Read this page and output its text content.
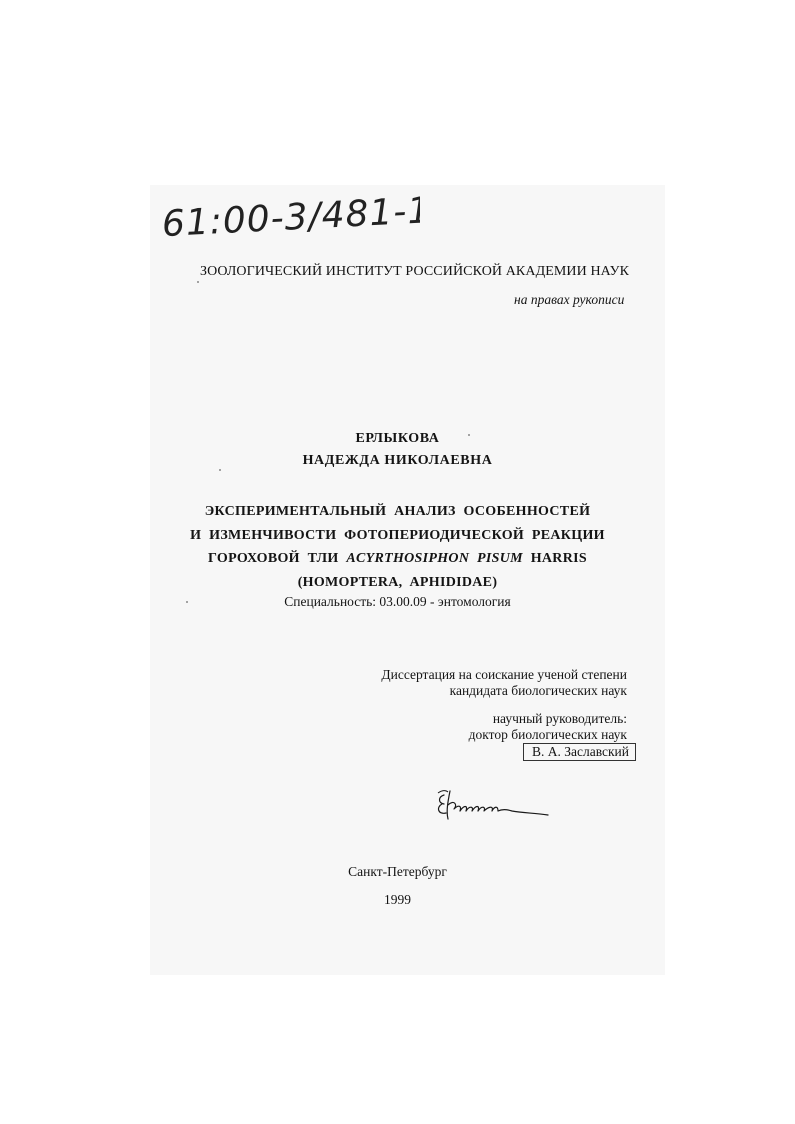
61:00-3/481-1
ЗООЛОГИЧЕСКИЙ ИНСТИТУТ РОССИЙСКОЙ АКАДЕМИИ НАУК
на правах рукописи
ЕРЛЫКОВА
НАДЕЖДА НИКОЛАЕВНА
ЭКСПЕРИМЕНТАЛЬНЫЙ АНАЛИЗ ОСОБЕННОСТЕЙ
И ИЗМЕНЧИВОСТИ ФОТОПЕРИОДИЧЕСКОЙ РЕАКЦИИ
ГОРОХОВОЙ ТЛИ ACYRTHOSIPHON PISUM HARRIS
(HOMOPTERA, APHIDIDAE)
Специальность: 03.00.09 - энтомология
Диссертация на соискание ученой степени
кандидата биологических наук
научный руководитель:
доктор биологических наук
В. А. Заславский
Санкт-Петербург
1999
